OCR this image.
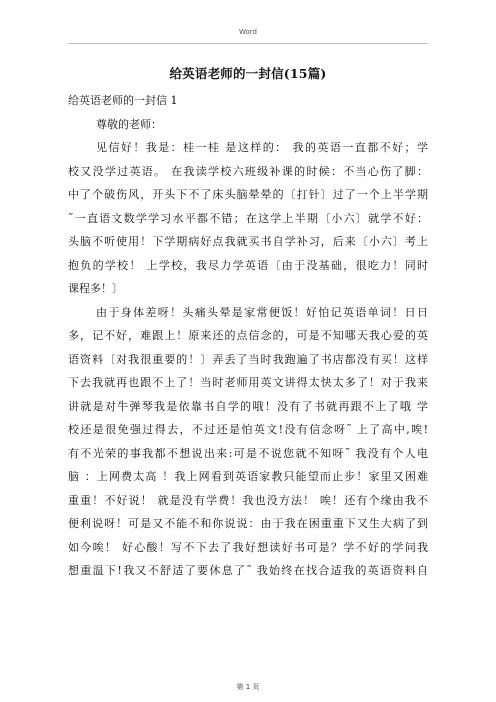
Word
给英语老师的一封信(15篇)

给英语老师的一封信 1

尊敬的老师：

见信好！我是：桂一桂 是这样的： 我的英语一直都不好；学

校又没学过英语。 在我读学校六班级补课的时候：不当心伤了脚：

中了个破伤风，开头下不了床头脑晕晕的〔打针〕过了一个上半学期

˜一直语文数学学习水平都不错；在这学上半期〔小六〕就学不好：

头脑不听使用！下学期病好点我就买书自学补习，后来〔小六〕考上

抱负的学校！ 上学校，我尽力学英语〔由于没基础，很吃力！同时

课程多！〕

由于身体差呀！头痛头晕是家常便饭！好怕记英语单词！日日

多，记不好，难跟上！原来还的点信念的，可是不知哪天我心爱的英

语资料〔对我很重要的！〕弄丢了当时我跑遍了书店都没有买！这样

下去我就再也跟不上了！当时老师用英文讲得太快太多了！对于我来

讲就是对牛弹琴我是依靠书自学的哦！没有了书就再跟不上了哦 学

校还是很免强过得去，不过还是怕英文!没有信念呀˜ 上了高中,唉!

有不光荣的事我都不想说出来:可是不说您就不知呀˜ 我没有个人电

脑 ：上网费太高 ！我上网看到英语家教只能望而止步！家里又困难

重重！不好说！ 就是没有学费！我也没方法！ 唉！还有个缘由我不

便利说呀！可是又不能不和你说说：由于我在困重重下又生大病了到

如今唉！ 好心酸！写不下去了我好想读好书可是？学不好的学问我

想重温下!我又不舒适了要休息了˜ 我始终在找合适我的英语资料自

第 1 页
